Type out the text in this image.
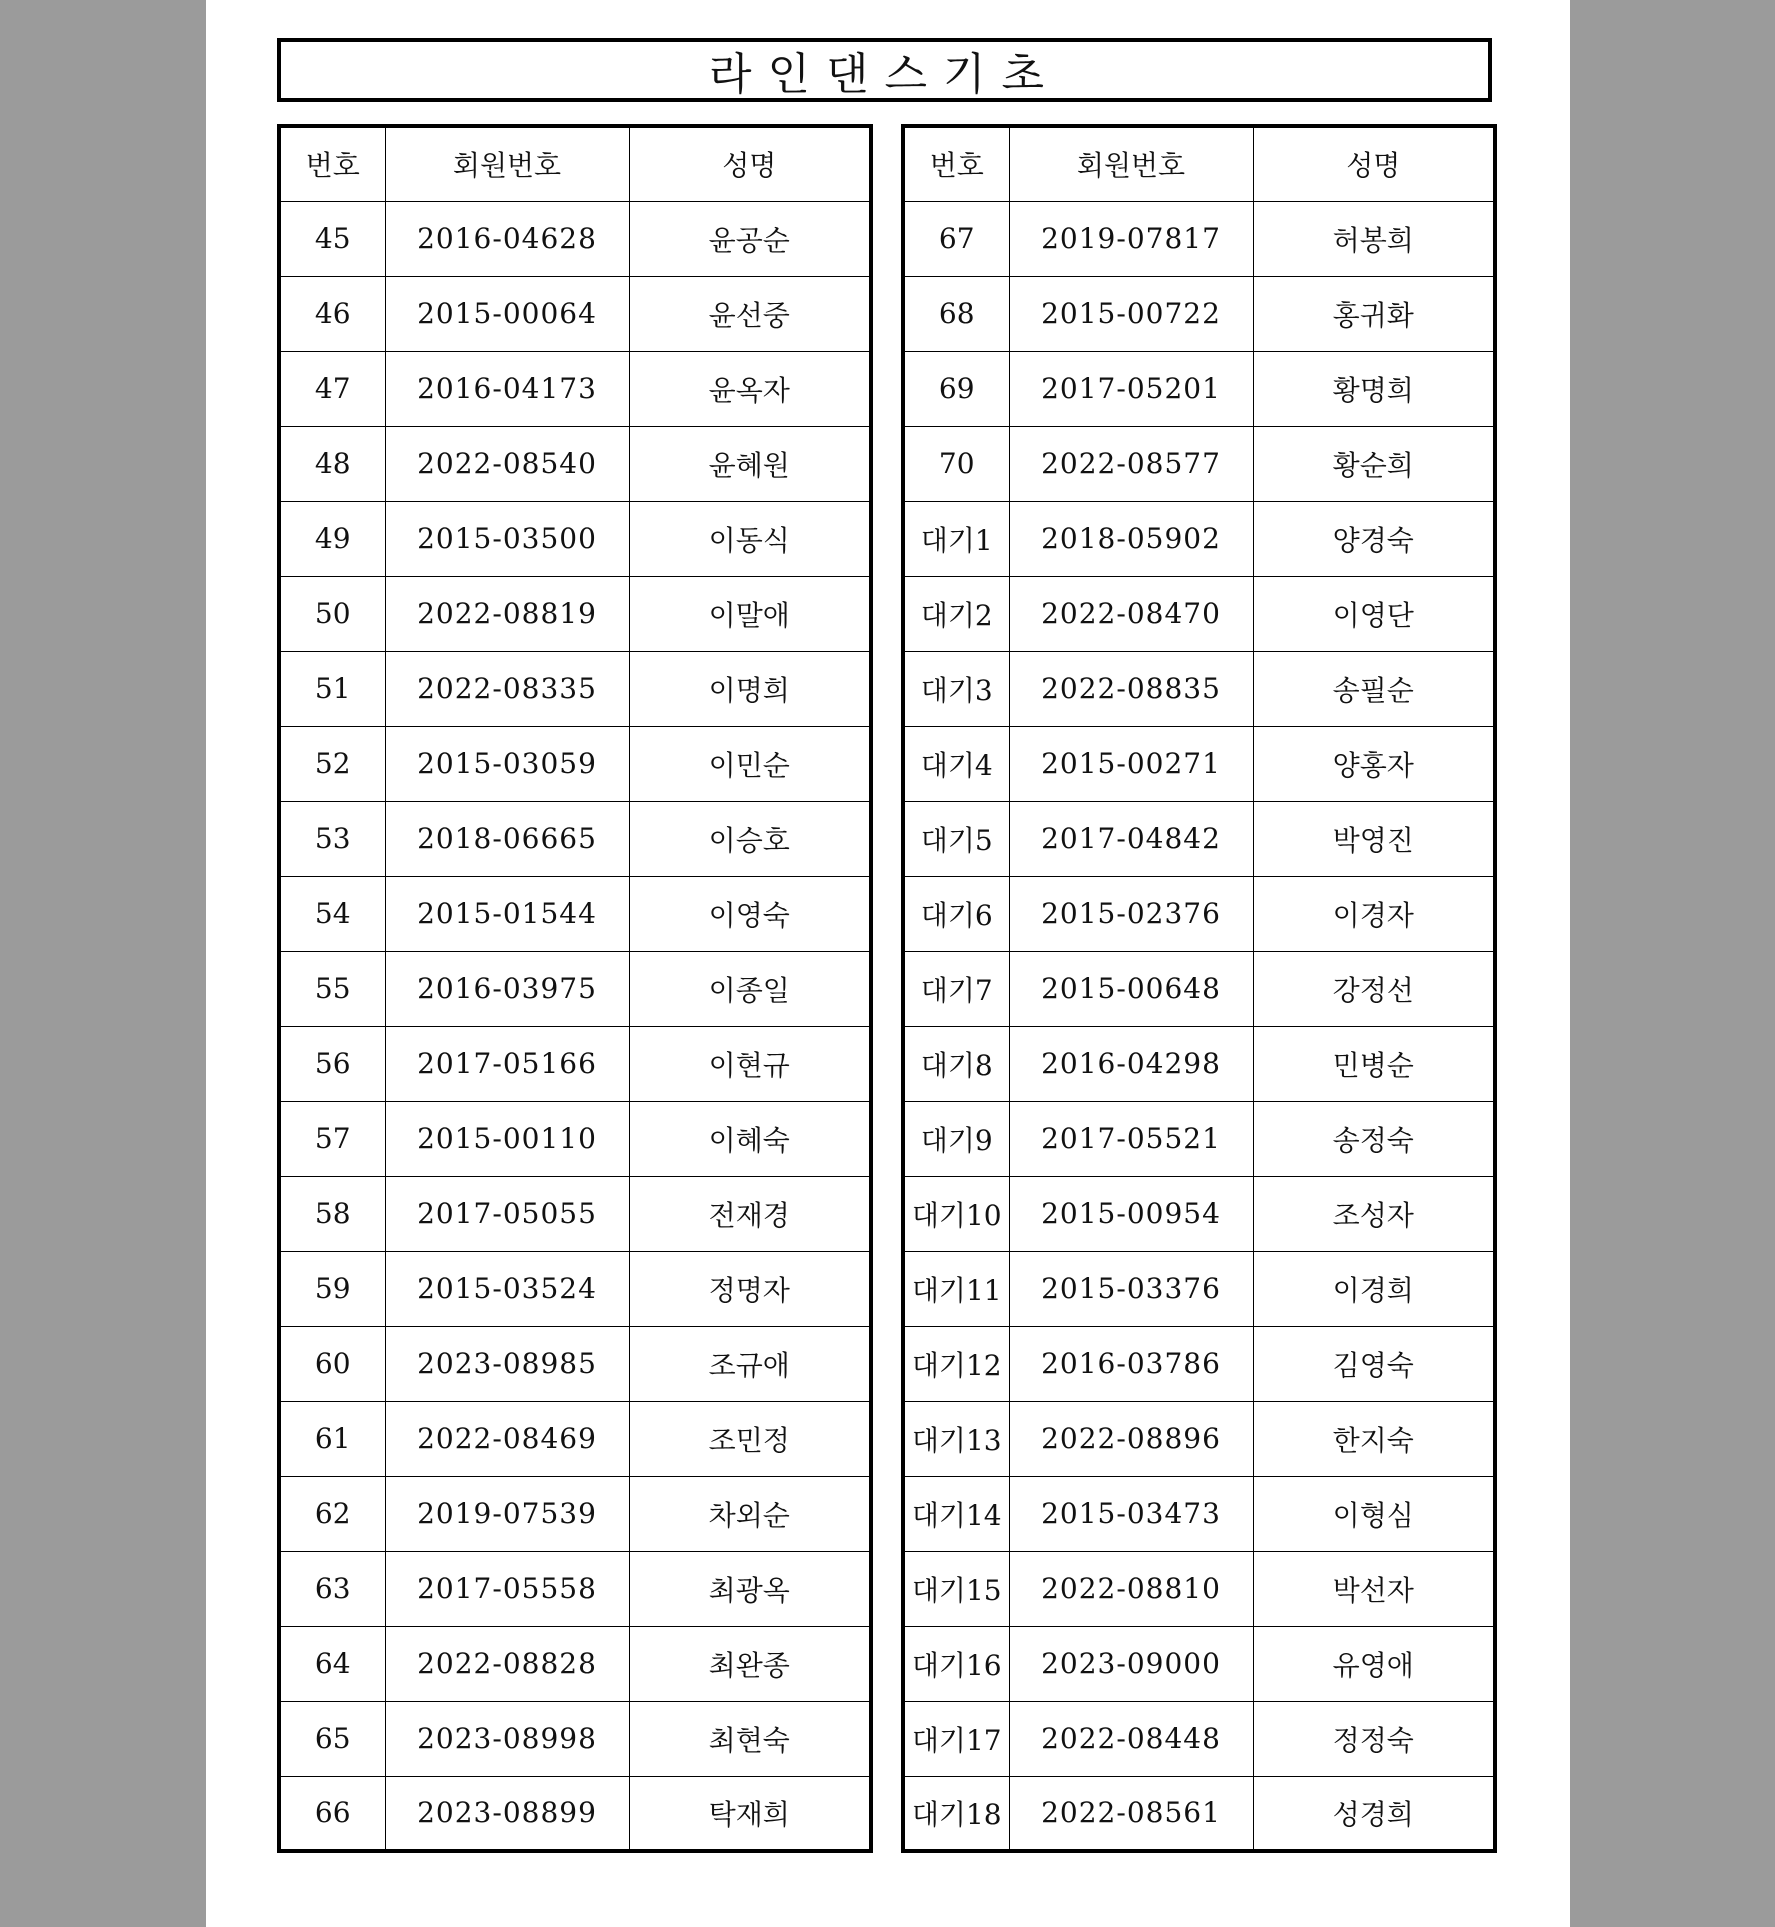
라인댄스기초
번호	회원번호	성명
45	2016-04628	윤공순
46	2015-00064	윤선중
47	2016-04173	윤옥자
48	2022-08540	윤혜원
49	2015-03500	이동식
50	2022-08819	이말애
51	2022-08335	이명희
52	2015-03059	이민순
53	2018-06665	이승호
54	2015-01544	이영숙
55	2016-03975	이종일
56	2017-05166	이현규
57	2015-00110	이혜숙
58	2017-05055	전재경
59	2015-03524	정명자
60	2023-08985	조규애
61	2022-08469	조민정
62	2019-07539	차외순
63	2017-05558	최광옥
64	2022-08828	최완종
65	2023-08998	최현숙
66	2023-08899	탁재희
번호	회원번호	성명
67	2019-07817	허봉희
68	2015-00722	홍귀화
69	2017-05201	황명희
70	2022-08577	황순희
대기1	2018-05902	양경숙
대기2	2022-08470	이영단
대기3	2022-08835	송필순
대기4	2015-00271	양홍자
대기5	2017-04842	박영진
대기6	2015-02376	이경자
대기7	2015-00648	강정선
대기8	2016-04298	민병순
대기9	2017-05521	송정숙
대기10	2015-00954	조성자
대기11	2015-03376	이경희
대기12	2016-03786	김영숙
대기13	2022-08896	한지숙
대기14	2015-03473	이형심
대기15	2022-08810	박선자
대기16	2023-09000	유영애
대기17	2022-08448	정정숙
대기18	2022-08561	성경희
